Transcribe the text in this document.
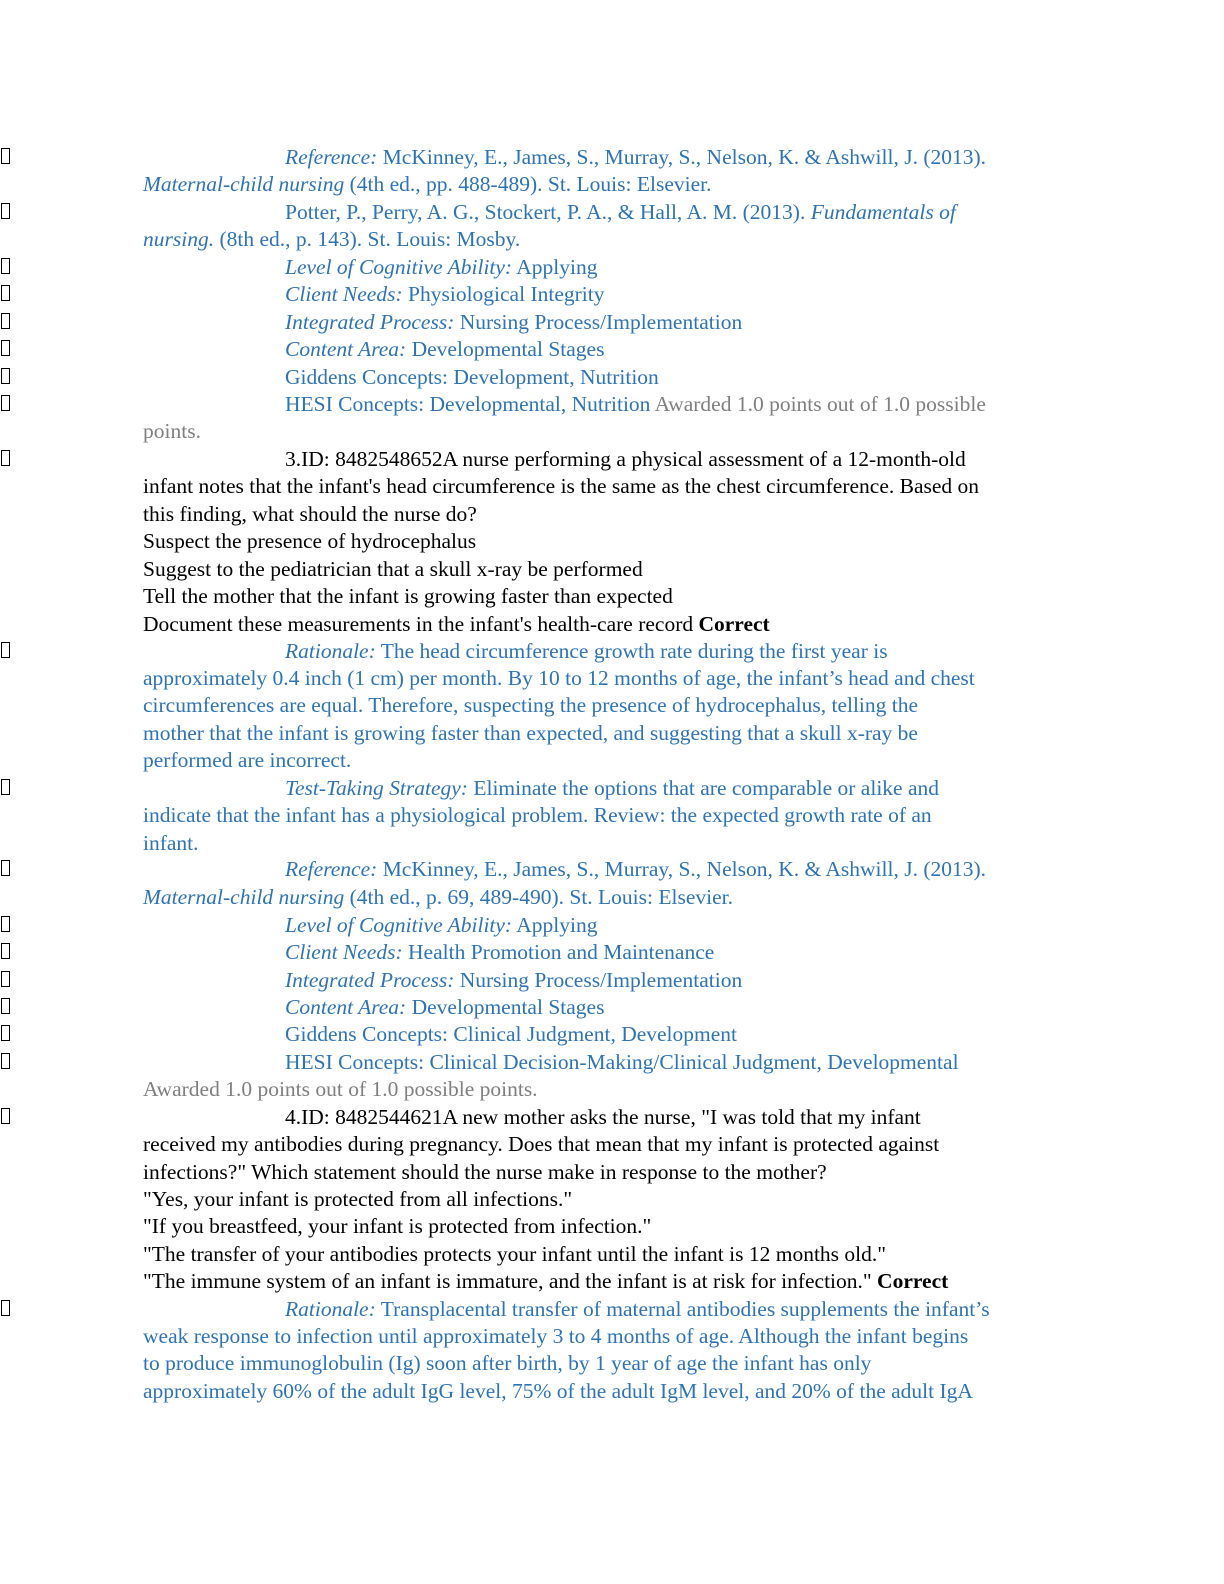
Reference: McKinney, E., James, S., Murray, S., Nelson, K. & Ashwill, J. (2013).
Maternal-child nursing (4th ed., pp. 488-489). St. Louis: Elsevier.
Potter, P., Perry, A. G., Stockert, P. A., & Hall, A. M. (2013). Fundamentals of
nursing. (8th ed., p. 143). St. Louis: Mosby.
Level of Cognitive Ability: Applying
Client Needs: Physiological Integrity
Integrated Process: Nursing Process/Implementation
Content Area: Developmental Stages
Giddens Concepts: Development, Nutrition
HESI Concepts: Developmental, Nutrition Awarded 1.0 points out of 1.0 possible
points.
3.ID: 8482548652A nurse performing a physical assessment of a 12-month-old
infant notes that the infant's head circumference is the same as the chest circumference. Based on
this finding, what should the nurse do?
Suspect the presence of hydrocephalus
Suggest to the pediatrician that a skull x-ray be performed
Tell the mother that the infant is growing faster than expected
Document these measurements in the infant's health-care record Correct
Rationale: The head circumference growth rate during the first year is
approximately 0.4 inch (1 cm) per month. By 10 to 12 months of age, the infant’s head and chest
circumferences are equal. Therefore, suspecting the presence of hydrocephalus, telling the
mother that the infant is growing faster than expected, and suggesting that a skull x-ray be
performed are incorrect.
Test-Taking Strategy: Eliminate the options that are comparable or alike and
indicate that the infant has a physiological problem. Review: the expected growth rate of an
infant.
Reference: McKinney, E., James, S., Murray, S., Nelson, K. & Ashwill, J. (2013).
Maternal-child nursing (4th ed., p. 69, 489-490). St. Louis: Elsevier.
Level of Cognitive Ability: Applying
Client Needs: Health Promotion and Maintenance
Integrated Process: Nursing Process/Implementation
Content Area: Developmental Stages
Giddens Concepts: Clinical Judgment, Development
HESI Concepts: Clinical Decision-Making/Clinical Judgment, Developmental
Awarded 1.0 points out of 1.0 possible points.
4.ID: 8482544621A new mother asks the nurse, "I was told that my infant
received my antibodies during pregnancy. Does that mean that my infant is protected against
infections?" Which statement should the nurse make in response to the mother?
"Yes, your infant is protected from all infections."
"If you breastfeed, your infant is protected from infection."
"The transfer of your antibodies protects your infant until the infant is 12 months old."
"The immune system of an infant is immature, and the infant is at risk for infection." Correct
Rationale: Transplacental transfer of maternal antibodies supplements the infant’s
weak response to infection until approximately 3 to 4 months of age. Although the infant begins
to produce immunoglobulin (Ig) soon after birth, by 1 year of age the infant has only
approximately 60% of the adult IgG level, 75% of the adult IgM level, and 20% of the adult IgA
